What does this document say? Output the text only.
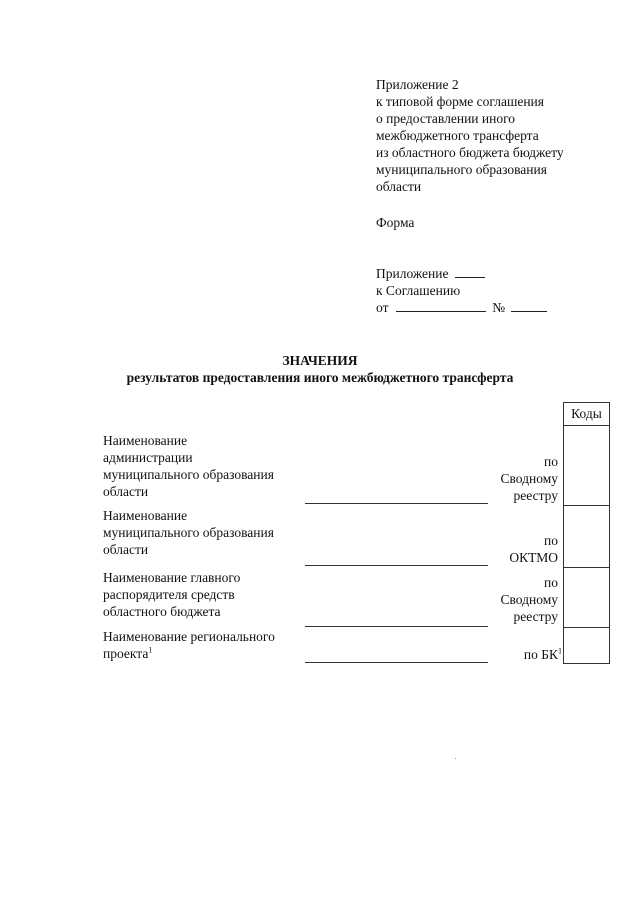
Приложение 2
к типовой форме соглашения
о предоставлении иного
межбюджетного трансферта
из областного бюджета бюджету
муниципального образования
области
Форма
Приложение
к Соглашению
от	№
ЗНАЧЕНИЯ
результатов предоставления иного межбюджетного трансферта
Коды
Наименование
администрации
муниципального образования
области
по
Сводному
реестру
Наименование
муниципального образования
области
по
ОКТМО
Наименование главного
распорядителя средств
областного бюджета
по
Сводному
реестру
Наименование регионального
проекта$^1$	по $БК^1$
